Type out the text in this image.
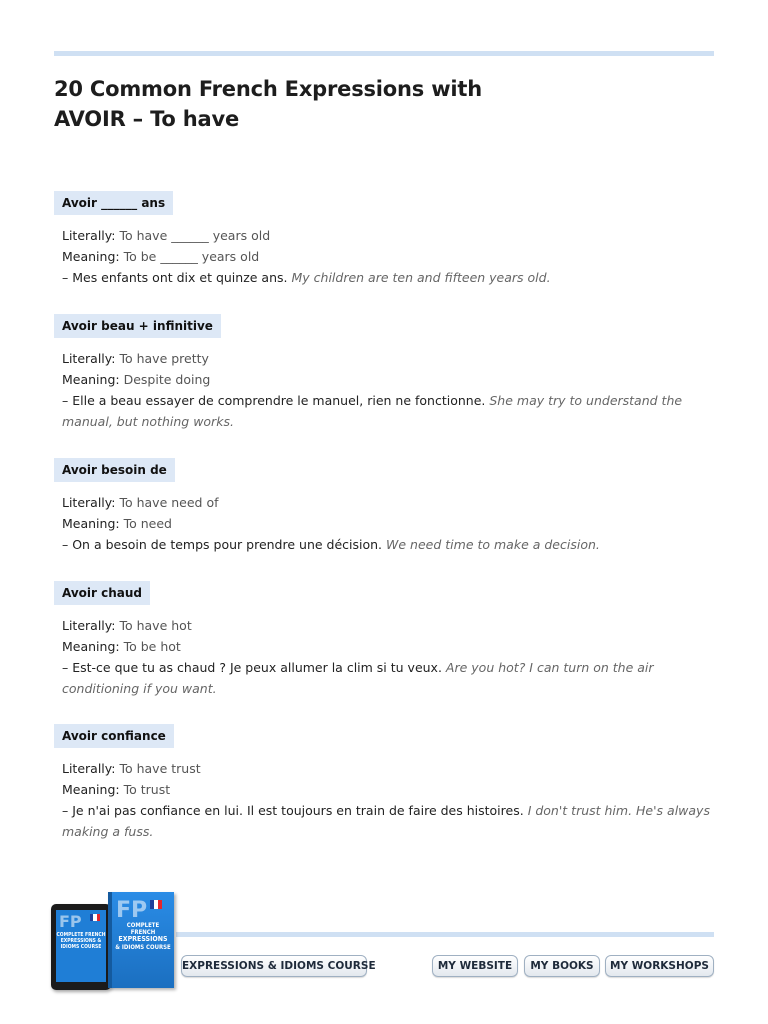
20 Common French Expressions with
AVOIR – To have
Avoir ______ ans
Literally: To have ______ years old
Meaning: To be ______ years old
– Mes enfants ont dix et quinze ans. My children are ten and fifteen years old.
Avoir beau + infinitive
Literally: To have pretty
Meaning: Despite doing
– Elle a beau essayer de comprendre le manuel, rien ne fonctionne. She may try to understand the manual, but nothing works.
Avoir besoin de
Literally: To have need of
Meaning: To need
– On a besoin de temps pour prendre une décision. We need time to make a decision.
Avoir chaud
Literally: To have hot
Meaning: To be hot
– Est-ce que tu as chaud ? Je peux allumer la clim si tu veux. Are you hot? I can turn on the air conditioning if you want.
Avoir confiance
Literally: To have trust
Meaning: To trust
– Je n'ai pas confiance en lui. Il est toujours en train de faire des histoires. I don't trust him. He's always making a fuss.
FP
COMPLETE FRENCH EXPRESSIONS & IDIOMS COURSE
FP
COMPLETE
FRENCH
EXPRESSIONS
& IDIOMS COURSE
EXPRESSIONS & IDIOMS COURSE	MY WEBSITE	MY BOOKS	MY WORKSHOPS
